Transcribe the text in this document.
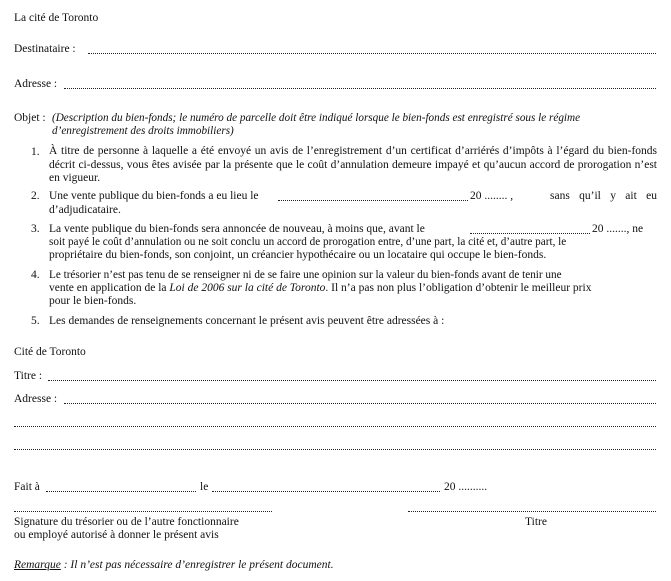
La cité de Toronto
Destinataire :
Adresse :
Objet : (Description du bien-fonds; le numéro de parcelle doit être indiqué lorsque le bien-fonds est enregistré sous le régime
d’enregistrement des droits immobiliers)
1. À titre de personne à laquelle a été envoyé un avis de l’enregistrement d’un certificat d’arriérés d’impôts à l’égard du bien-fonds décrit ci-dessus, vous êtes avisée par la présente que le coût d’annulation demeure impayé et qu’aucun accord de prorogation n’est en vigueur.
2. Une vente publique du bien-fonds a eu lieu le	20 ........ ,	sans qu’il y ait eu
d’adjudicataire.
3. La vente publique du bien-fonds sera annoncée de nouveau, à moins que, avant le	20 ......., ne
soit payé le coût d’annulation ou ne soit conclu un accord de prorogation entre, d’une part, la cité et, d’autre part, le
propriétaire du bien-fonds, son conjoint, un créancier hypothécaire ou un locataire qui occupe le bien-fonds.
4. Le trésorier n’est pas tenu de se renseigner ni de se faire une opinion sur la valeur du bien-fonds avant de tenir une
vente en application de la Loi de 2006 sur la cité de Toronto. Il n’a pas non plus l’obligation d’obtenir le meilleur prix
pour le bien-fonds.
5. Les demandes de renseignements concernant le présent avis peuvent être adressées à :
Cité de Toronto
Titre :
Adresse :
Fait à	le	20 ..........
Signature du trésorier ou de l’autre fonctionnaire
ou employé autorisé à donner le présent avis
Titre
Remarque : Il n’est pas nécessaire d’enregistrer le présent document.
